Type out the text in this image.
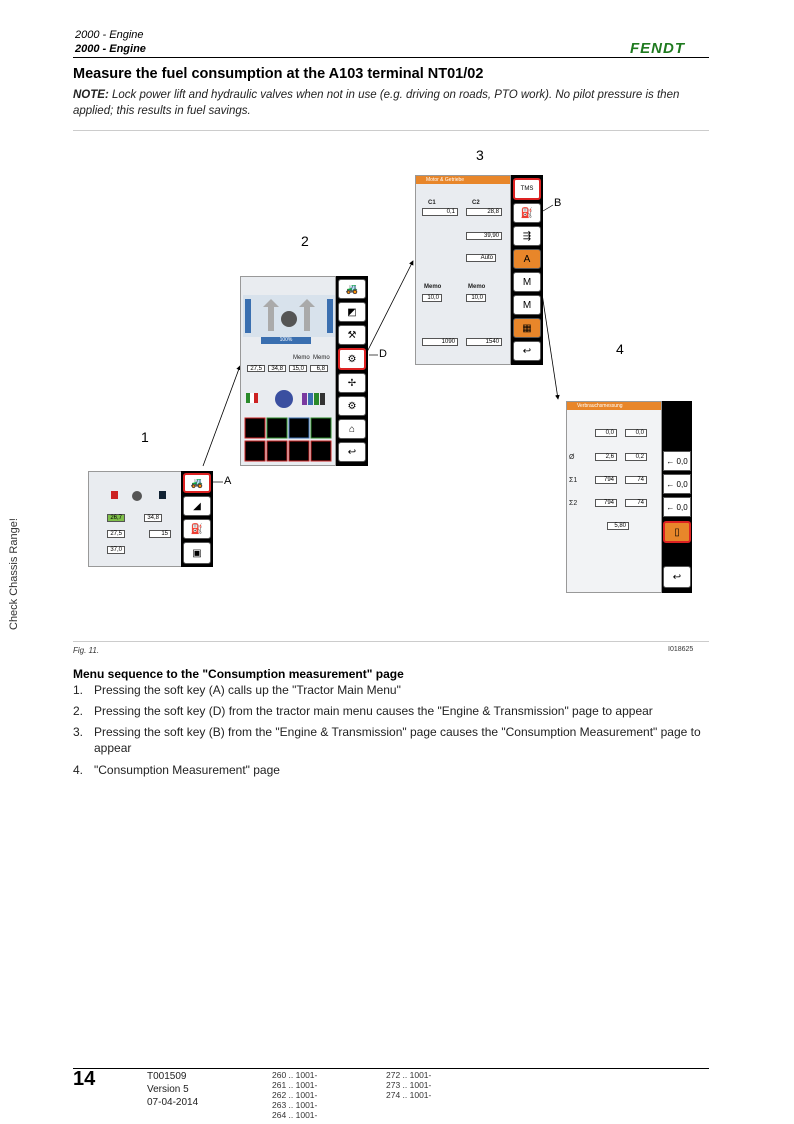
2000 - Engine
2000 - Engine	FENDT
Measure the fuel consumption at the A103 terminal NT01/02
NOTE: Lock power lift and hydraulic valves when not in use (e.g. driving on roads, PTO work). No pilot pressure is then applied; this results in fuel savings.
Check Chassis Range!
1
2
3
4
A
D
B
26,7	34,8
27,5	15
37,0
🚜
◢
⛽
▣
100%
Memo Memo
27,5	34,8	15,0	6,8
🚜
◩
⚒
⚙
✢
⚙
⌂
↩
Motor & Getriebe
C1	C2
0,1	28,8
39,90
Auto
Memo	Memo
10,0	10,0
1090	1540
TMS
⛽
⇶
A
M
M
▦
↩
Verbrauchsmessung
0,0	0,0
Ø	2,6	0,2
Σ1	794	74
Σ2	794	74
5,80
← 0,0
← 0,0
← 0,0
▯
↩
Fig. 11.	I018625
Menu sequence to the "Consumption measurement" page
1. Pressing the soft key (A) calls up the "Tractor Main Menu"
2. Pressing the soft key (D) from the tractor main menu causes the "Engine & Transmission" page to appear
3. Pressing the soft key (B) from the "Engine & Transmission" page causes the "Consumption Measurement" page to appear
4. "Consumption Measurement" page
14	T001509
Version 5
07-04-2014
260 .. 1001-
261 .. 1001-
262 .. 1001-
263 .. 1001-
264 .. 1001-
272 .. 1001-
273 .. 1001-
274 .. 1001-
